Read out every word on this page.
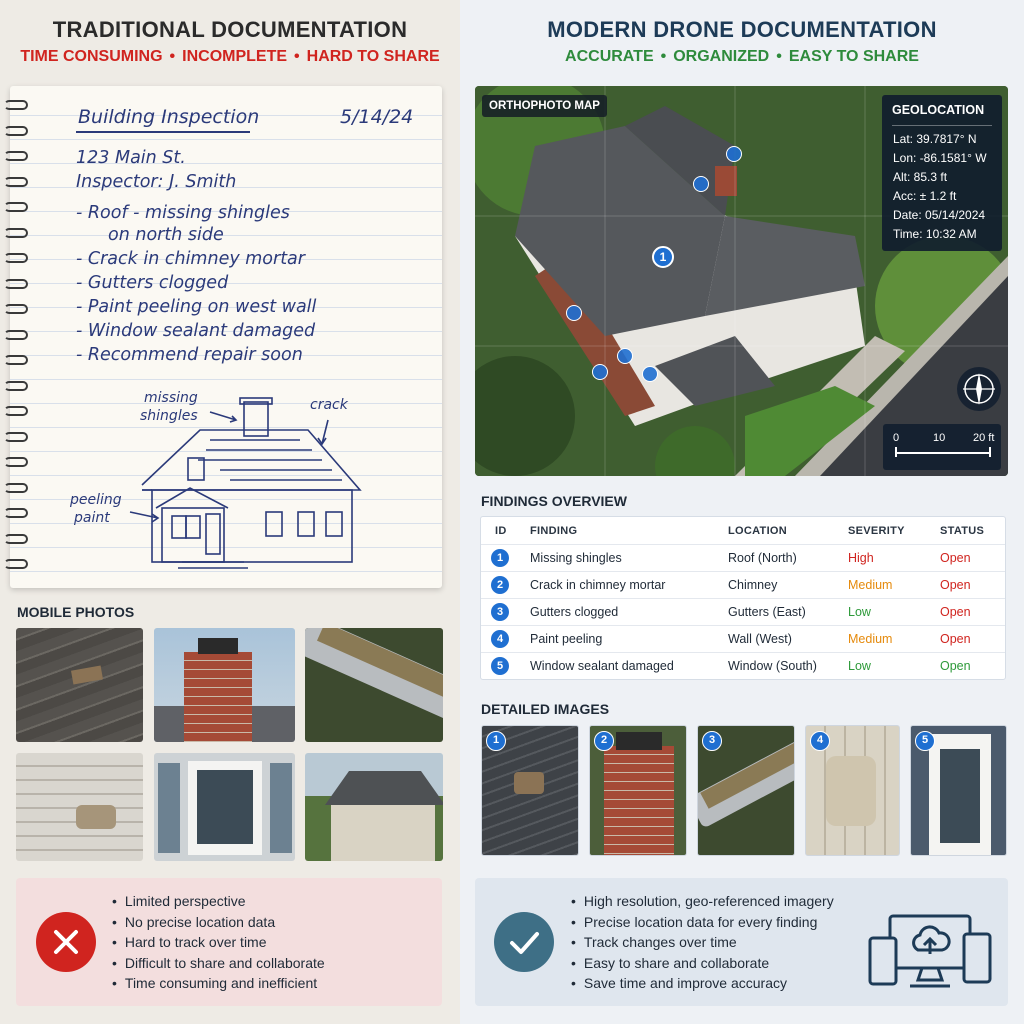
TRADITIONAL DOCUMENTATION
TIME CONSUMING • INCOMPLETE • HARD TO SHARE
Building Inspection	5/14/24
123 Main St.
Inspector: J. Smith
- Roof - missing shingles
on north side
- Crack in chimney mortar
- Gutters clogged
- Paint peeling on west wall
- Window sealant damaged
- Recommend repair soon
missing
shingles
crack
peeling
paint
MOBILE PHOTOS
• Limited perspective
• No precise location data
• Hard to track over time
• Difficult to share and collaborate
• Time consuming and inefficient
MODERN DRONE DOCUMENTATION
ACCURATE • ORGANIZED • EASY TO SHARE
ORTHOPHOTO MAP
1
GEOLOCATION
Lat: 39.7817° N
Lon: -86.1581° W
Alt: 85.3 ft
Acc: ± 1.2 ft
Date: 05/14/2024
Time: 10:32 AM
0	10	20 ft
FINDINGS OVERVIEW
ID FINDING	LOCATION	SEVERITY	STATUS
1	Missing shingles	Roof (North)	High	Open
2	Crack in chimney mortar	Chimney	Medium	Open
3	Gutters clogged	Gutters (East)	Low	Open
4	Paint peeling	Wall (West)	Medium	Open
5	Window sealant damaged	Window (South) Low	Open
DETAILED IMAGES
1	2	3	4	5
• High resolution, geo-referenced imagery
• Precise location data for every finding
• Track changes over time
• Easy to share and collaborate
• Save time and improve accuracy
